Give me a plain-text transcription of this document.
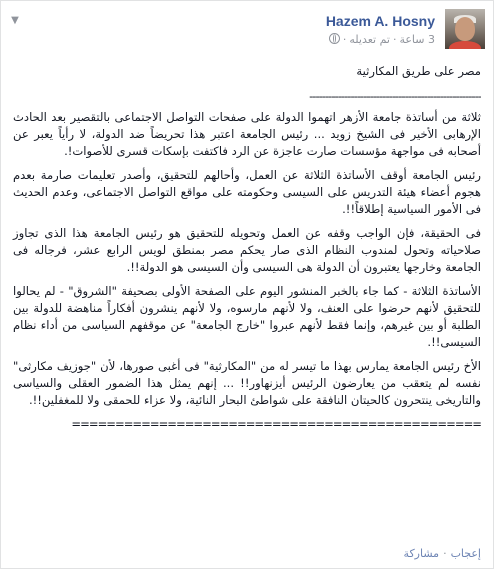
Hazem A. Hosny
3 ساعة·تم تعديله·
▼
مصر على طريق المكارثية
------------------------------------------------------

ثلاثة من أساتذة جامعة الأزهر اتهموا الدولة على صفحات التواصل الاجتماعى بالتقصير بعد الحادث الإرهابى الأخير فى الشيخ زويد ... رئيس الجامعة اعتبر هذا تحريضاً ضد الدولة، لا رأياً يعبر عن أصحابه فى مواجهة مؤسسات صارت عاجزة عن الرد فاكتفت بإسكات قسرى للأصوات!.

رئيس الجامعة أوقف الأساتذة الثلاثة عن العمل، وأحالهم للتحقيق، وأصدر تعليمات صارمة بعدم هجوم أعضاء هيئة التدريس على السيسى وحكومته على مواقع التواصل الاجتماعى، وعدم الحديث فى الأمور السياسية إطلاقاً!!.

فى الحقيقة، فإن الواجب وقفه عن العمل وتحويله للتحقيق هو رئيس الجامعة هذا الذى تجاوز صلاحياته وتحول لمندوب النظام الذى صار يحكم مصر بمنطق لويس الرابع عشر، فرجاله فى الجامعة وخارجها يعتبرون أن الدولة هى السيسى وأن السيسى هو الدولة!!.

الأساتذة الثلاثة - كما جاء بالخبر المنشور اليوم على الصفحة الأولى بصحيفة "الشروق" - لم يحالوا للتحقيق لأنهم حرضوا على العنف، ولا لأنهم مارسوه، ولا لأنهم ينشرون أفكاراً مناهضة للدولة بين الطلبة أو بين غيرهم، وإنما فقط لأنهم عبروا "خارج الجامعة" عن موقفهم السياسى من أداء نظام السيسى!!.

الأخ رئيس الجامعة يمارس بهذا ما تيسر له من "المكارثية" فى أغبى صورها، لأن "جوزيف مكارثى" نفسه لم يتعقب من يعارضون الرئيس أيزنهاور!! ... إنهم يمثل هذا الضمور العقلى والسياسى والتاريخى ينتحرون كالحيتان النافقة على شواطئ البحار النائية، ولا عزاء للحمقى ولا للمغفلين!!.

===============================================
إعجاب·مشاركة
